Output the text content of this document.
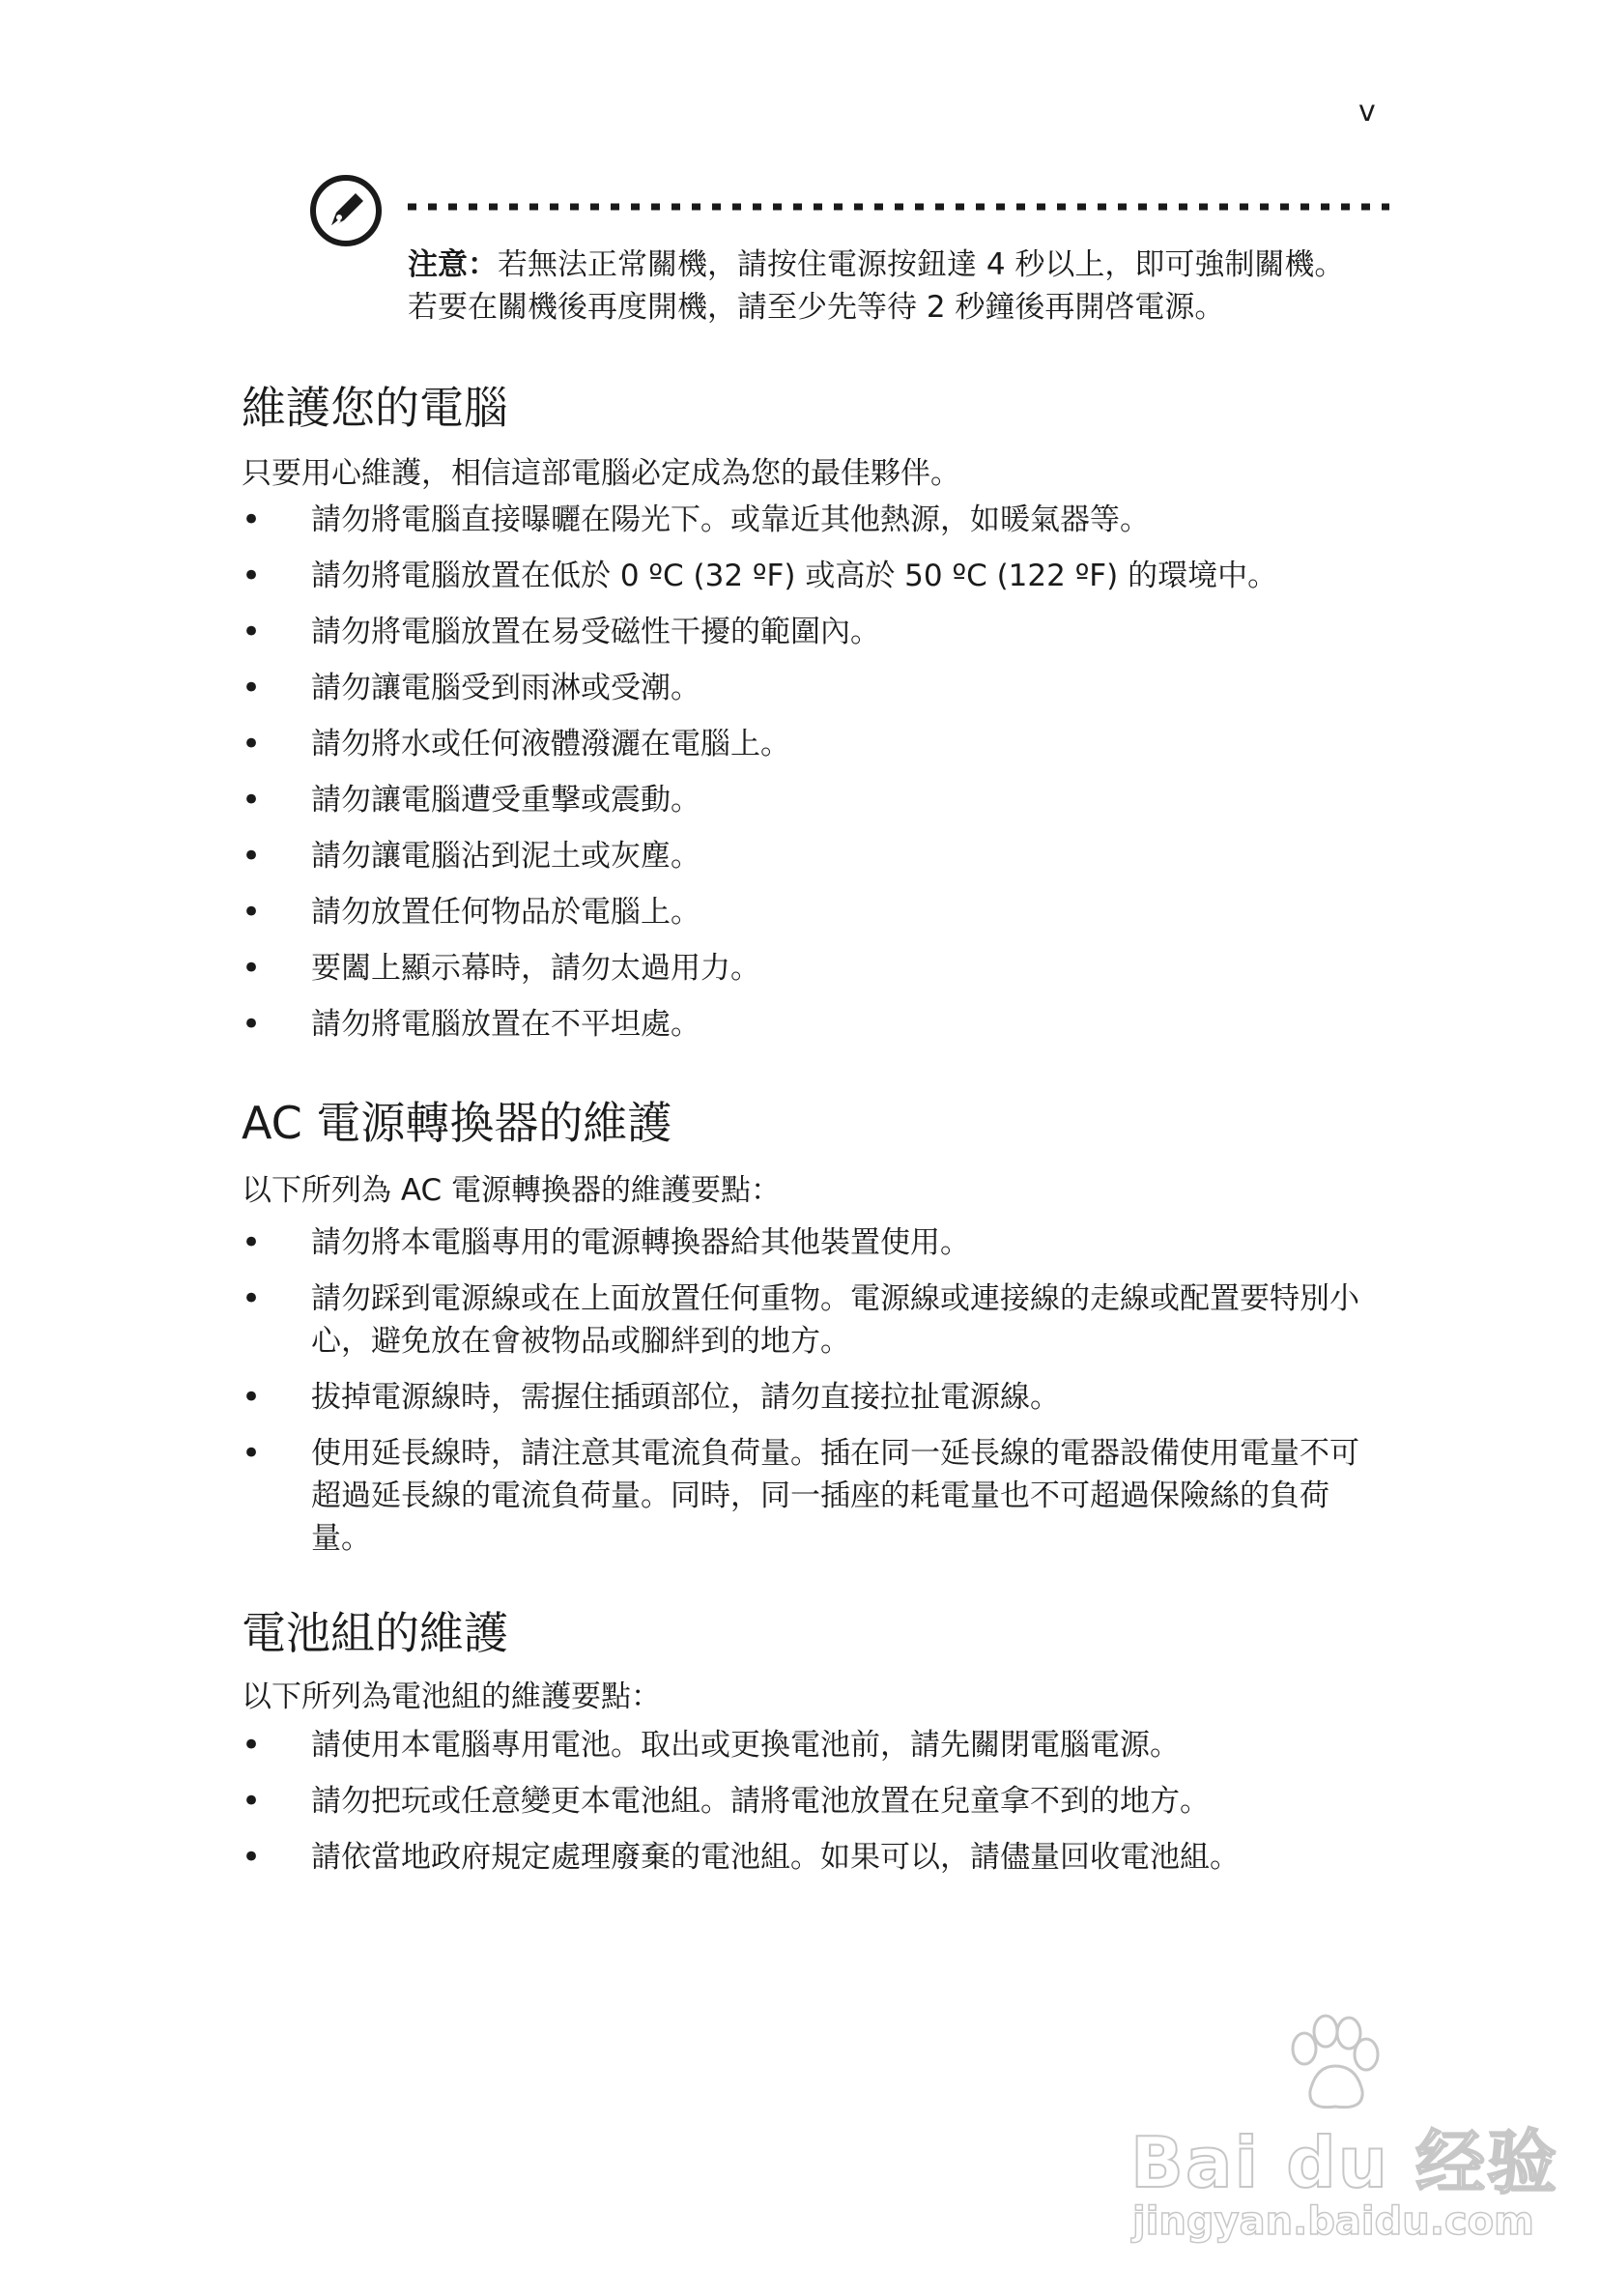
v

注意：若無法正常關機，請按住電源按鈕達 4 秒以上，即可強制關機。

若要在關機後再度開機，請至少先等待 2 秒鐘後再開啓電源。

維護您的電腦

只要用心維護，相信這部電腦必定成為您的最佳夥伴。

• 請勿將電腦直接曝曬在陽光下。或靠近其他熱源，如暖氣器等。
• 請勿將電腦放置在低於 0 ºC (32 ºF) 或高於 50 ºC (122 ºF) 的環境中。
• 請勿將電腦放置在易受磁性干擾的範圍內。
• 請勿讓電腦受到雨淋或受潮。
• 請勿將水或任何液體潑灑在電腦上。
• 請勿讓電腦遭受重撃或震動。
• 請勿讓電腦沾到泥土或灰塵。
• 請勿放置任何物品於電腦上。
• 要闔上顯示幕時，請勿太過用力。
• 請勿將電腦放置在不平坦處。
AC 電源轉換器的維護

以下所列為 AC 電源轉換器的維護要點：

• 請勿將本電腦專用的電源轉換器給其他裝置使用。
• 請勿踩到電源線或在上面放置任何重物。電源線或連接線的走線或配置要特別小心，避免放在會被物品或腳絆到的地方。
• 拔掉電源線時，需握住插頭部位，請勿直接拉扯電源線。
• 使用延長線時，請注意其電流負荷量。插在同一延長線的電器設備使用電量不可超過延長線的電流負荷量。同時，同一插座的耗電量也不可超過保險絲的負荷量。
電池組的維護

以下所列為電池組的維護要點：

• 請使用本電腦專用電池。取出或更換電池前，請先關閉電腦電源。
• 請勿把玩或任意變更本電池組。請將電池放置在兒童拿不到的地方。
• 請依當地政府規定處理廢棄的電池組。如果可以，請儘量回收電池組。
Bai du 经验
jingyan.baidu.com
